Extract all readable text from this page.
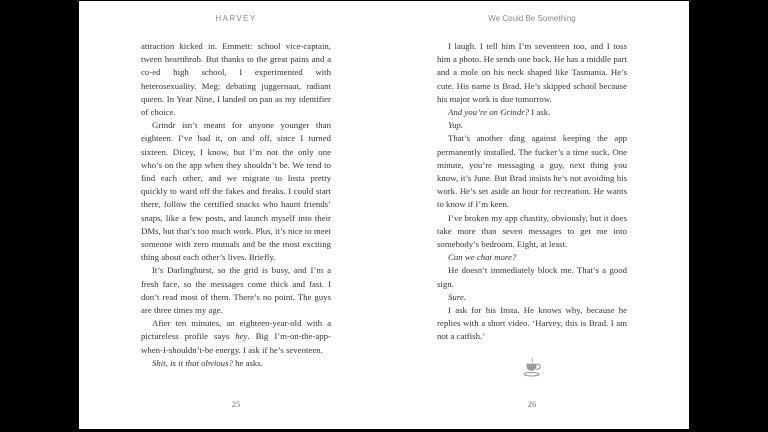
HARVEY

attraction kicked in. Emmett: school vice-captain, tween heartthrob. But thanks to the great pains and a co-ed high school, I experimented with heterosexuality. Meg: debating juggernaut, radiant queen. In Year Nine, I landed on pan as my identifier of choice.

Grindr isn’t meant for anyone younger than eighteen. I’ve had it, on and off, since I turned sixteen. Dicey, I know, but I’m not the only one who’s on the app when they shouldn’t be. We tend to find each other, and we migrate to Insta pretty quickly to ward off the fakes and freaks. I could start there, follow the certified snacks who haunt friends’ snaps, like a few posts, and launch myself into their DMs, but that’s too much work. Plus, it’s nice to meet someone with zero mutuals and be the most exciting thing about each other’s lives. Briefly.

It’s Darlinghurst, so the grid is busy, and I’m a fresh face, so the messages come thick and fast. I don’t read most of them. There’s no point. The guys are three times my age.

After ten minutes, an eighteen-year-old with a pictureless profile says hey. Big I’m-on-the-app-when-I-shouldn’t-be energy. I ask if he’s seventeen.

Shit, is it that obvious? he asks.

25
We Could Be Something

I laugh. I tell him I’m seventeen too, and I toss him a photo. He sends one back. He has a middle part and a mole on his neck shaped like Tasmania. He’s cute. His name is Brad. He’s skipped school because his major work is due tomorrow.

And you’re on Grindr? I ask.

Yup.

That’s another ding against keeping the app permanently installed. The fucker’s a time suck. One minute, you’re messaging a guy, next thing you know, it’s June. But Brad insists he’s not avoiding his work. He’s set aside an hour for recreation. He wants to know if I’m keen.

I’ve broken my app chastity, obviously, but it does take more than seven messages to get me into somebody’s bedroom. Eight, at least.

Can we chat more?

He doesn’t immediately block me. That’s a good sign.

Sure.

I ask for his Insta. He knows why, because he replies with a short video. ‘Harvey, this is Brad. I am not a catfish.’

26
